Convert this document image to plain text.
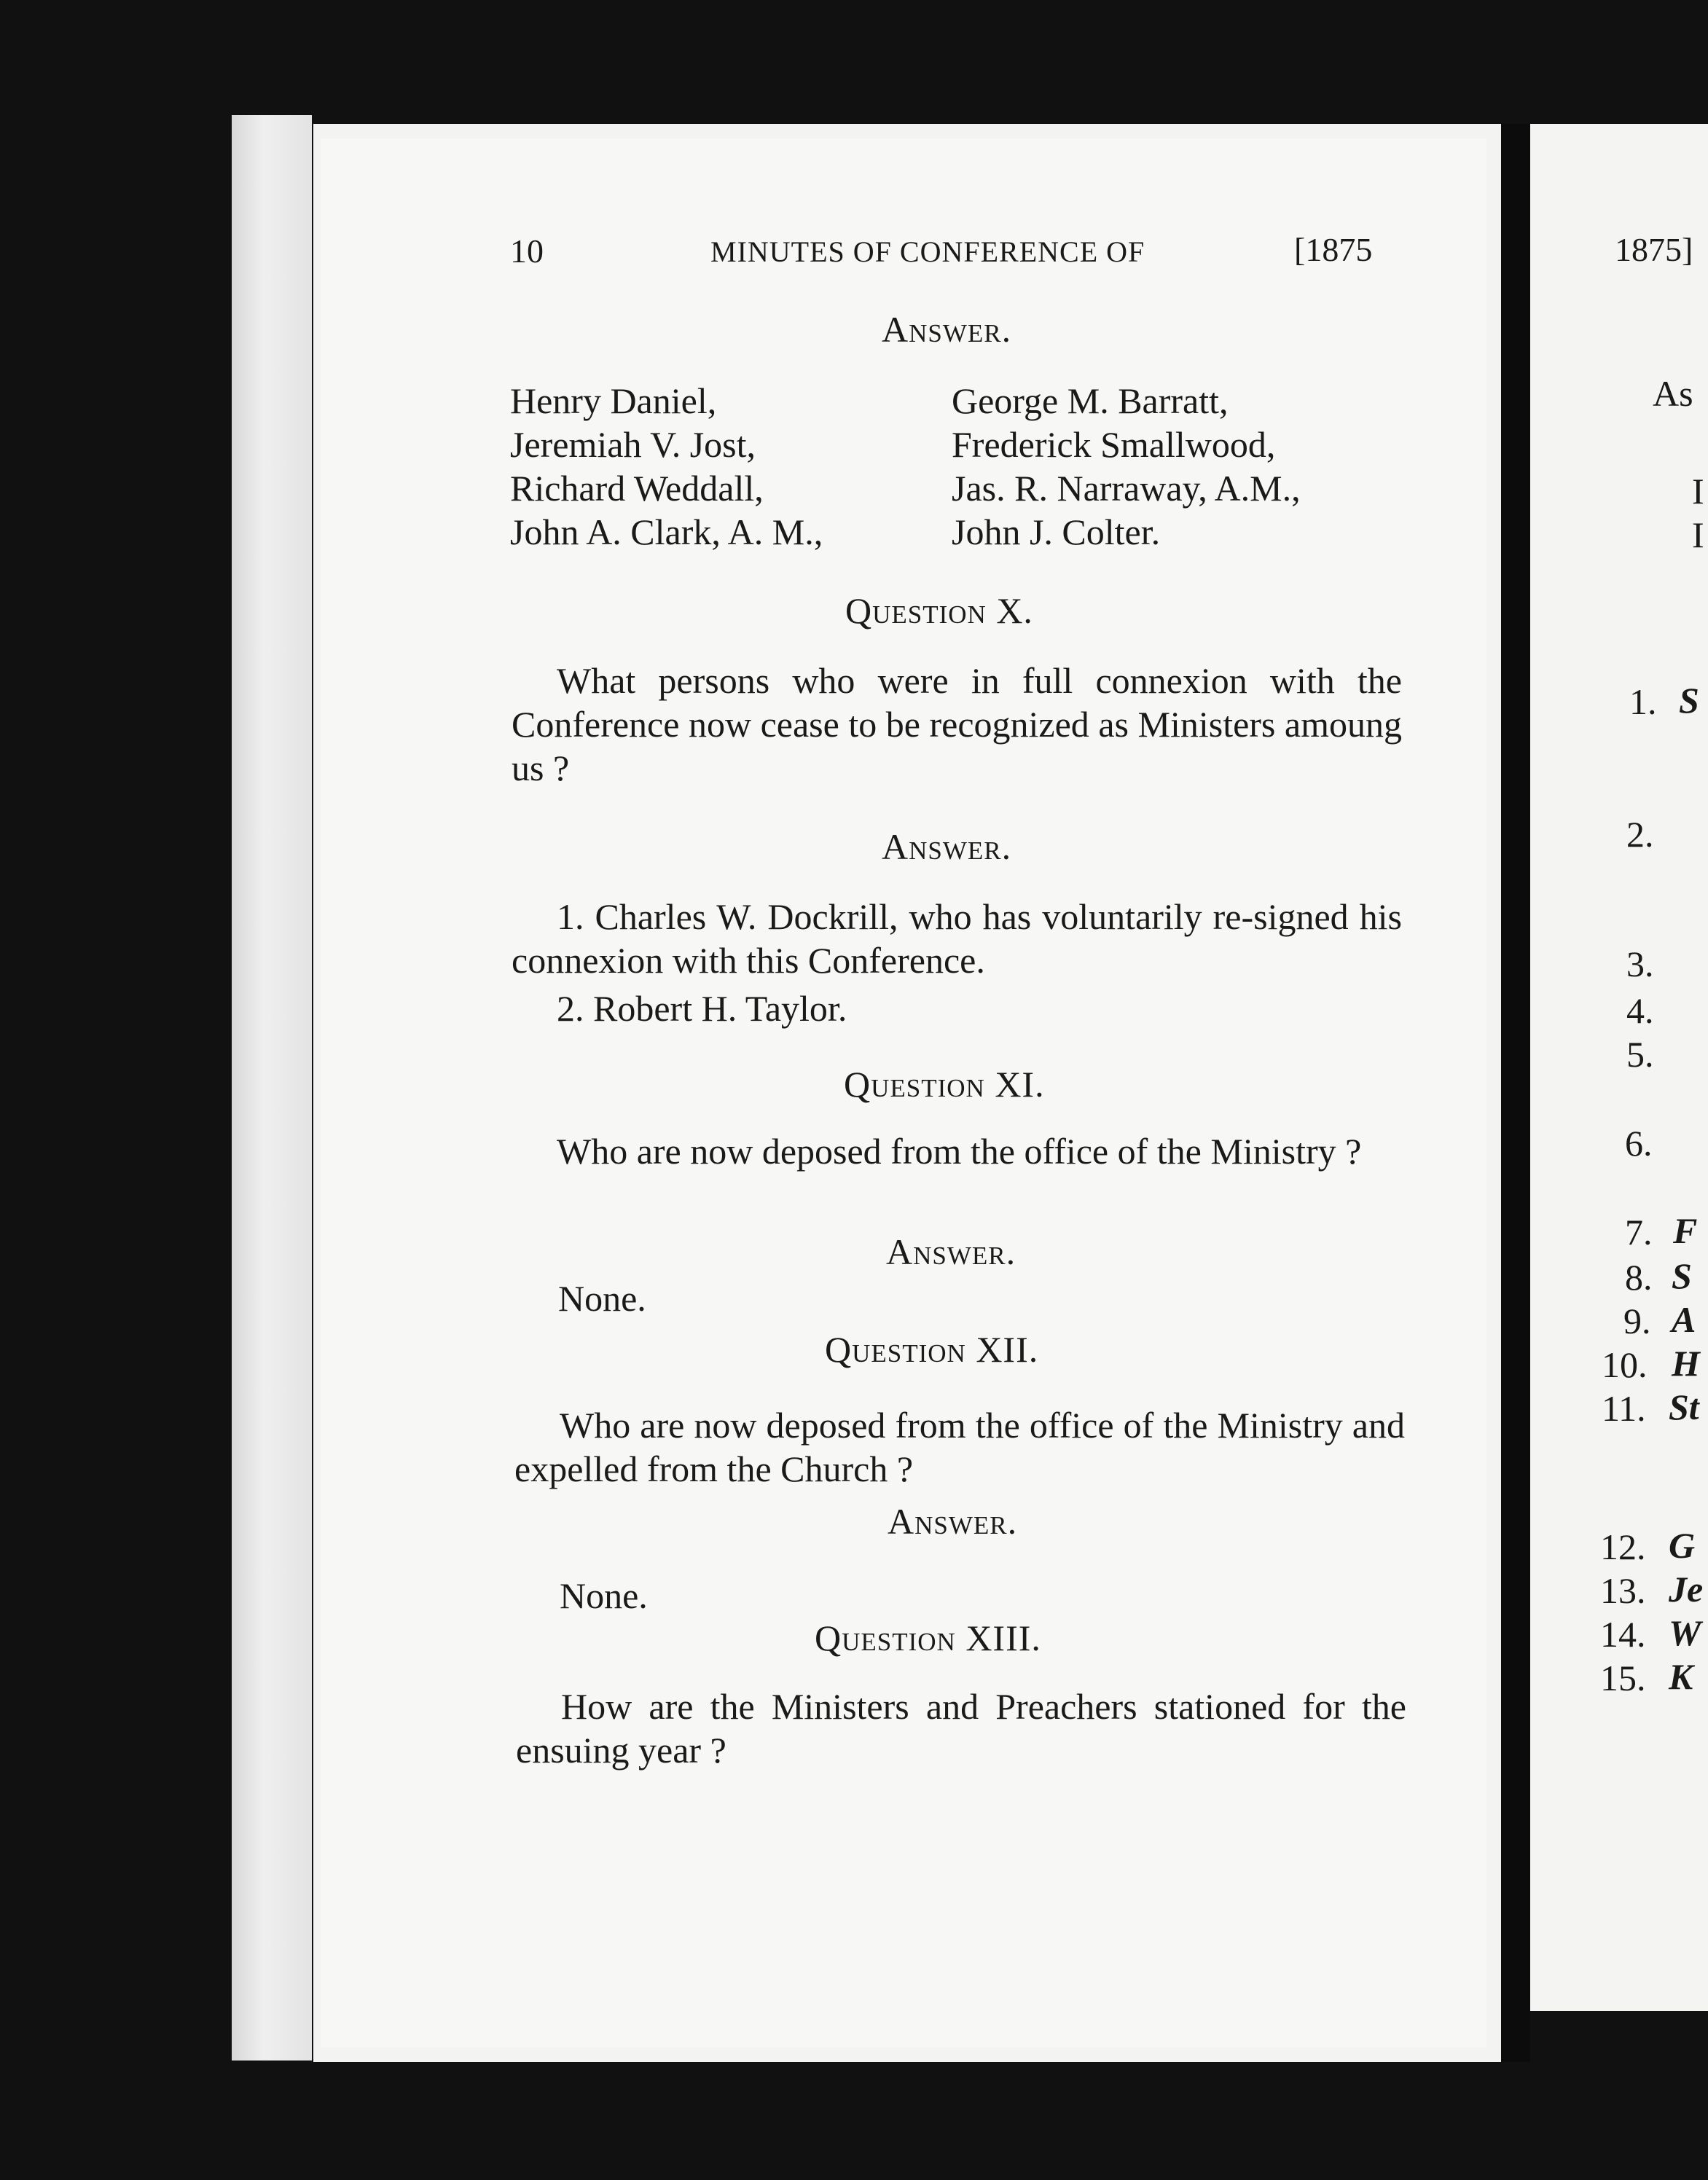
10	MINUTES OF CONFERENCE OF	[1875
Answer.
Henry Daniel,
Jeremiah V. Jost,
Richard Weddall,
John A. Clark, A. M.,
George M. Barratt,
Frederick Smallwood,
Jas. R. Narraway, A.M.,
John J. Colter.
Question X.
What persons who were in full connexion with the Conference now cease to be recognized as Ministers amoung us ?
Answer.
1. Charles W. Dockrill, who has voluntarily re-signed his connexion with this Conference.
2. Robert H. Taylor.
Question XI.
Who are now deposed from the office of the Ministry ?
Answer.
None.
Question XII.
Who are now deposed from the office of the Ministry and expelled from the Church ?
Answer.
None.
Question XIII.
How are the Ministers and Preachers stationed for the ensuing year ?
1875]
As
I
I
1. S
2.
3.
4.
5.
6.
7. F
8. S
9. A
10. H
11. St
12. G
13. Je
14. W
15. K
